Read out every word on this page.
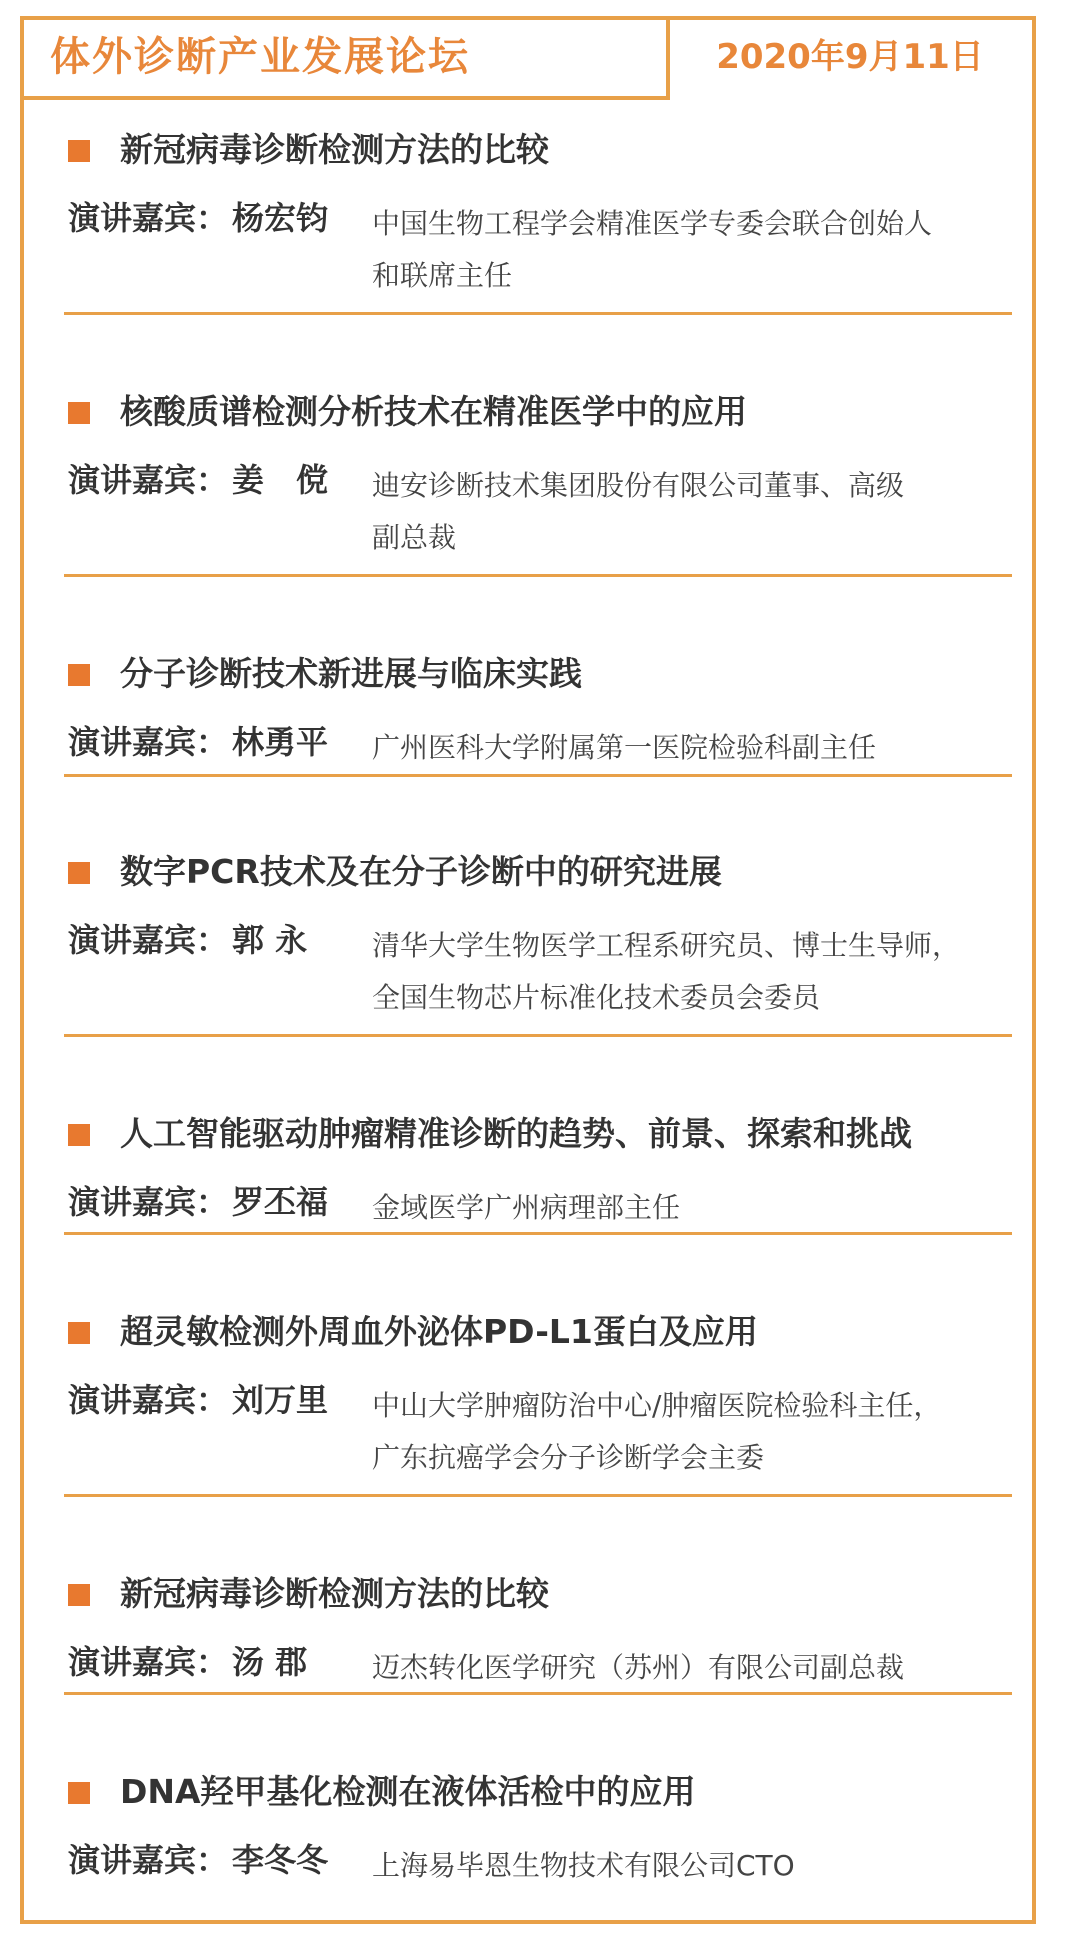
体外诊断产业发展论坛	2020年9月11日
新冠病毒诊断检测方法的比较
演讲嘉宾： 杨宏钧	中国生物工程学会精准医学专委会联合创始人
和联席主任
核酸质谱检测分析技术在精准医学中的应用
演讲嘉宾： 姜　傥	迪安诊断技术集团股份有限公司董事、高级
副总裁
分子诊断技术新进展与临床实践
演讲嘉宾： 林勇平	广州医科大学附属第一医院检验科副主任
数字PCR技术及在分子诊断中的研究进展
演讲嘉宾： 郭 永	清华大学生物医学工程系研究员、博士生导师，
全国生物芯片标准化技术委员会委员
人工智能驱动肿瘤精准诊断的趋势、前景、探索和挑战
演讲嘉宾： 罗丕福	金域医学广州病理部主任
超灵敏检测外周血外泌体PD-L1蛋白及应用
演讲嘉宾： 刘万里	中山大学肿瘤防治中心/肿瘤医院检验科主任，
广东抗癌学会分子诊断学会主委
新冠病毒诊断检测方法的比较
演讲嘉宾： 汤 郡	迈杰转化医学研究（苏州）有限公司副总裁
DNA羟甲基化检测在液体活检中的应用
演讲嘉宾： 李冬冬	上海易毕恩生物技术有限公司CTO
